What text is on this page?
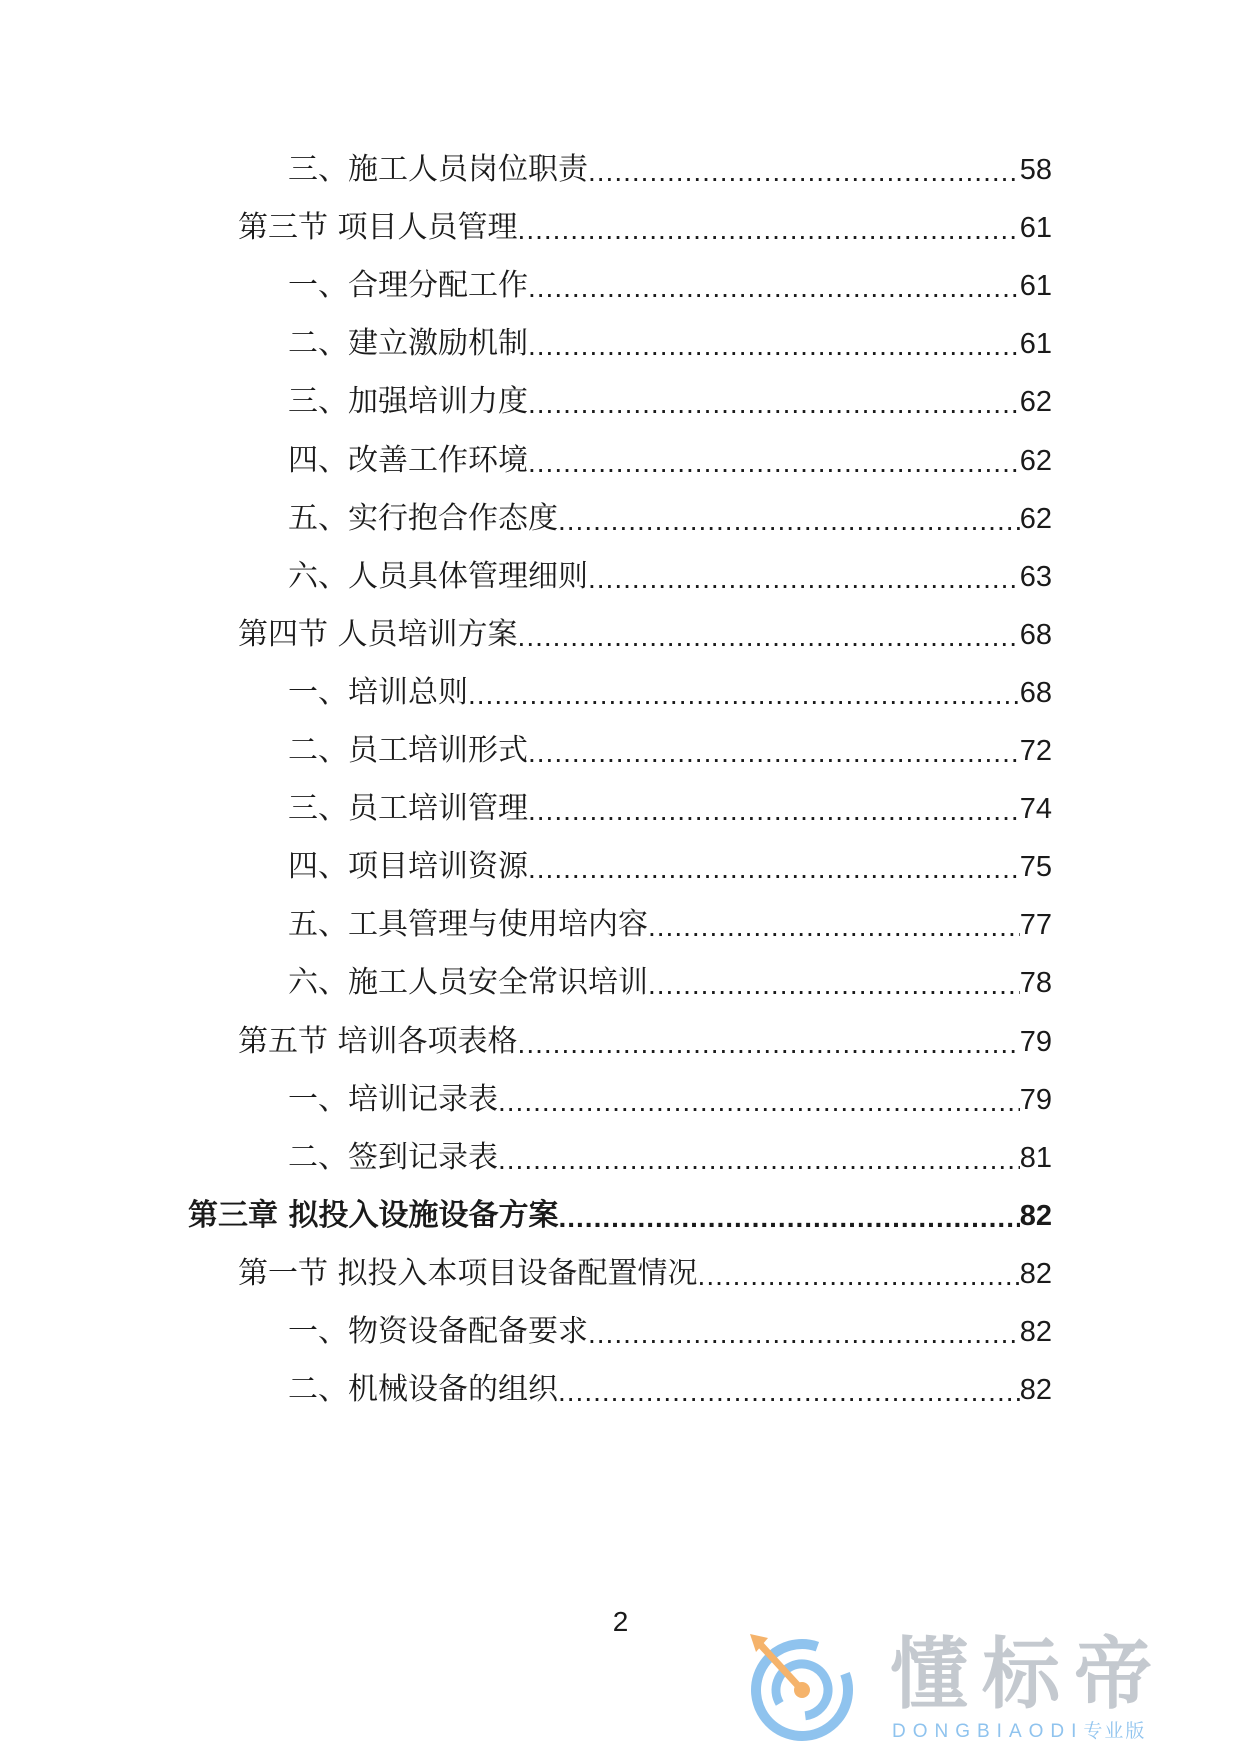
三、施工人员岗位职责 .....	58
第三节 项目人员管理 .....	61
一、合理分配工作 .....	61
二、建立激励机制 .....	61
三、加强培训力度 .....	62
四、改善工作环境 .....	62
五、实行抱合作态度 .....	62
六、人员具体管理细则 .....	63
第四节 人员培训方案 .....	68
一、培训总则 .....	68
二、员工培训形式 .....	72
三、员工培训管理 .....	74
四、项目培训资源 .....	75
五、工具管理与使用培内容 .....	77
六、施工人员安全常识培训 .....	78
第五节 培训各项表格 .....	79
一、培训记录表 .....	79
二、签到记录表 .....	81
第三章 拟投入设施设备方案 .....	82
第一节 拟投入本项目设备配置情况 .....	82
一、物资设备配备要求 .....	82
二、机械设备的组织 .....	82
2
懂标帝
DONGBIAODI专业版
